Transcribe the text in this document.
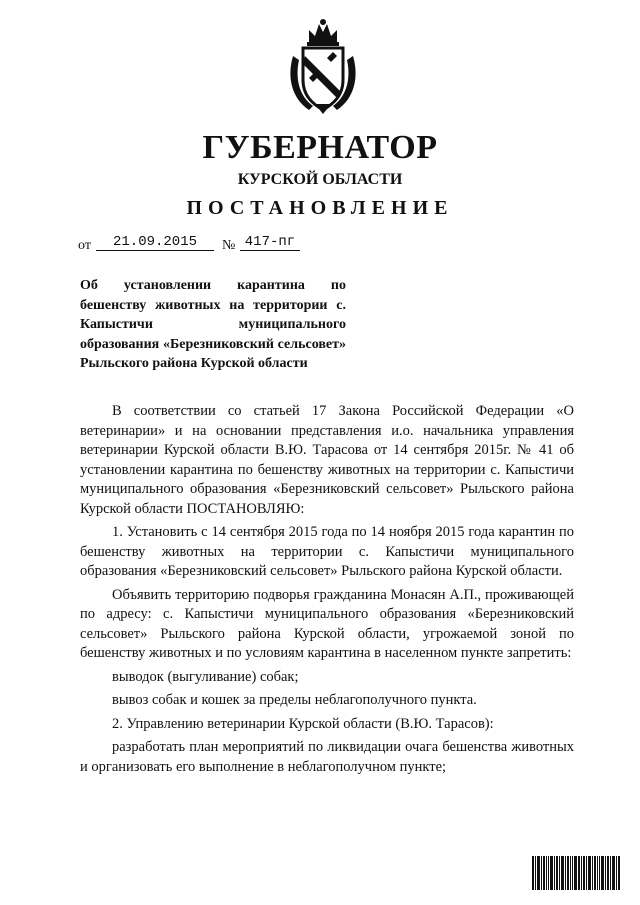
ГУБЕРНАТОР
КУРСКОЙ ОБЛАСТИ
ПОСТАНОВЛЕНИЕ
от	21.09.2015	№ 417-пг
Об установлении карантина по бешенству животных на территории с. Капыстичи муниципального образования «Березниковский сельсовет» Рыльского района Курской области

В соответствии со статьей 17 Закона Российской Федерации «О ветеринарии» и на основании представления и.о. начальника управления ветеринарии Курской области В.Ю. Тарасова от 14 сентября 2015г. № 41 об установлении карантина по бешенству животных на территории с. Капыстичи муниципального образования «Березниковский сельсовет» Рыльского района Курской области ПОСТАНОВЛЯЮ:

1. Установить с 14 сентября 2015 года по 14 ноября 2015 года карантин по бешенству животных на территории с. Капыстичи муниципального образования «Березниковский сельсовет» Рыльского района Курской области.

Объявить территорию подворья гражданина Монасян А.П., проживающей по адресу: с. Капыстичи муниципального образования «Березниковский сельсовет» Рыльского района Курской области, угрожаемой зоной по бешенству животных и по условиям карантина в населенном пункте запретить:

выводок (выгуливание) собак;

вывоз собак и кошек за пределы неблагополучного пункта.

2. Управлению ветеринарии Курской области (В.Ю. Тарасов):

разработать план мероприятий по ликвидации очага бешенства животных и организовать его выполнение в неблагополучном пункте;
